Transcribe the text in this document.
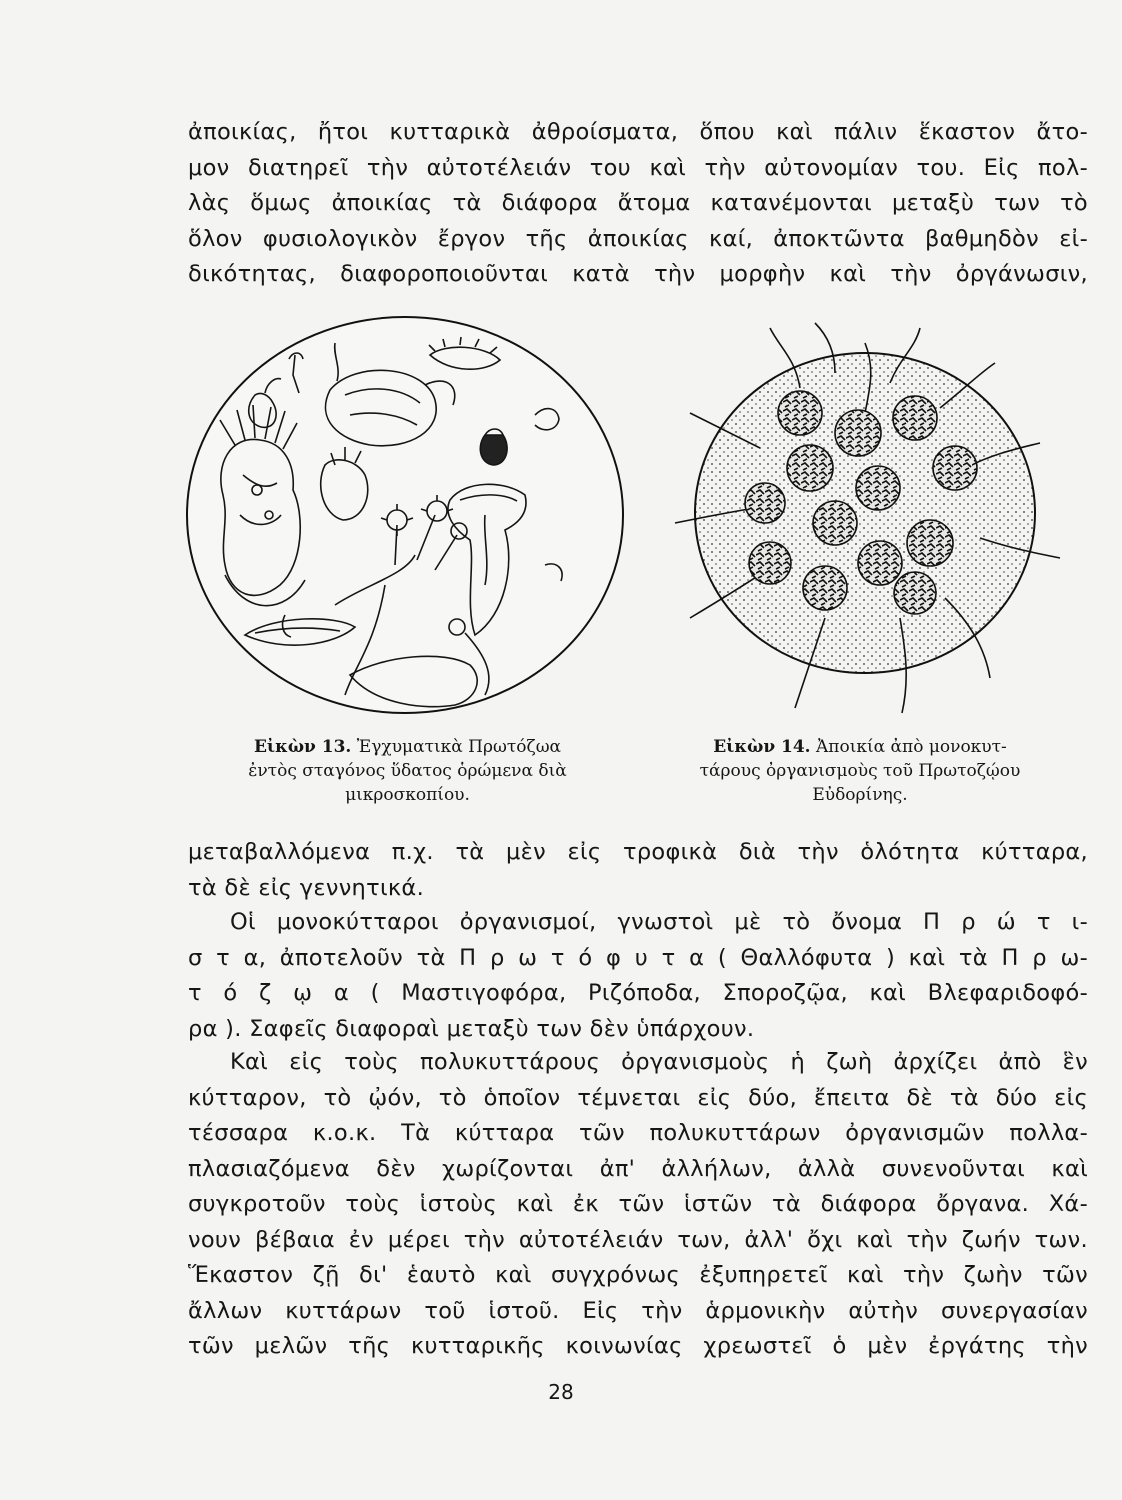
ἀποικίας, ἤτοι κυτταρικὰ ἀθροίσματα, ὅπου καὶ πάλιν ἕκαστον ἄτο-
μον διατηρεῖ τὴν αὐτοτέλειάν του καὶ τὴν αὐτονομίαν του. Εἰς πολ-
λὰς ὅμως ἀποικίας τὰ διάφορα ἄτομα κατανέμονται μεταξὺ των τὸ
ὅλον φυσιολογικὸν ἔργον τῆς ἀποικίας καί, ἀποκτῶντα βαθμηδὸν εἰ-
δικότητας, διαφοροποιοῦνται κατὰ τὴν μορφὴν καὶ τὴν ὀργάνωσιν,
Εἰκὼν 13. Ἐγχυματικὰ Πρωτόζωα
ἐντὸς σταγόνος ὕδατος ὁρώμενα διὰ
μικροσκοπίου.
Εἰκὼν 14. Ἀποικία ἀπὸ μονοκυτ-
τάρους ὀργανισμοὺς τοῦ Πρωτοζῴου
Εὐδορίνης.
μεταβαλλόμενα π.χ. τὰ μὲν εἰς τροφικὰ διὰ τὴν ὁλότητα κύτταρα,
τὰ δὲ εἰς γεννητικά.
Οἱ μονοκύτταροι ὀργανισμοί, γνωστοὶ μὲ τὸ ὄνομα Π ρ ώ τ ι-
σ τ α, ἀποτελοῦν τὰ Π ρ ω τ ό φ υ τ α ( Θαλλόφυτα ) καὶ τὰ Π ρ ω-
τ ό ζ ῳ α ( Μαστιγοφόρα, Ριζόποδα, Σποροζῷα, καὶ Βλεφαριδοφό-
ρα ). Σαφεῖς διαφοραὶ μεταξὺ των δὲν ὑπάρχουν.
Καὶ εἰς τοὺς πολυκυττάρους ὀργανισμοὺς ἡ ζωὴ ἀρχίζει ἀπὸ ἓν
κύτταρον, τὸ ᾠόν, τὸ ὁποῖον τέμνεται εἰς δύο, ἔπειτα δὲ τὰ δύο εἰς
τέσσαρα κ.ο.κ. Τὰ κύτταρα τῶν πολυκυττάρων ὀργανισμῶν πολλα-
πλασιαζόμενα δὲν χωρίζονται ἀπ' ἀλλήλων, ἀλλὰ συνενοῦνται καὶ
συγκροτοῦν τοὺς ἱστοὺς καὶ ἐκ τῶν ἱστῶν τὰ διάφορα ὄργανα. Χά-
νουν βέβαια ἐν μέρει τὴν αὐτοτέλειάν των, ἀλλ' ὄχι καὶ τὴν ζωήν των.
Ἕκαστον ζῇ δι' ἑαυτὸ καὶ συγχρόνως ἐξυπηρετεῖ καὶ τὴν ζωὴν τῶν
ἄλλων κυττάρων τοῦ ἱστοῦ. Εἰς τὴν ἁρμονικὴν αὐτὴν συνεργασίαν
τῶν μελῶν τῆς κυτταρικῆς κοινωνίας χρεωστεῖ ὁ μὲν ἐργάτης τὴν
28
